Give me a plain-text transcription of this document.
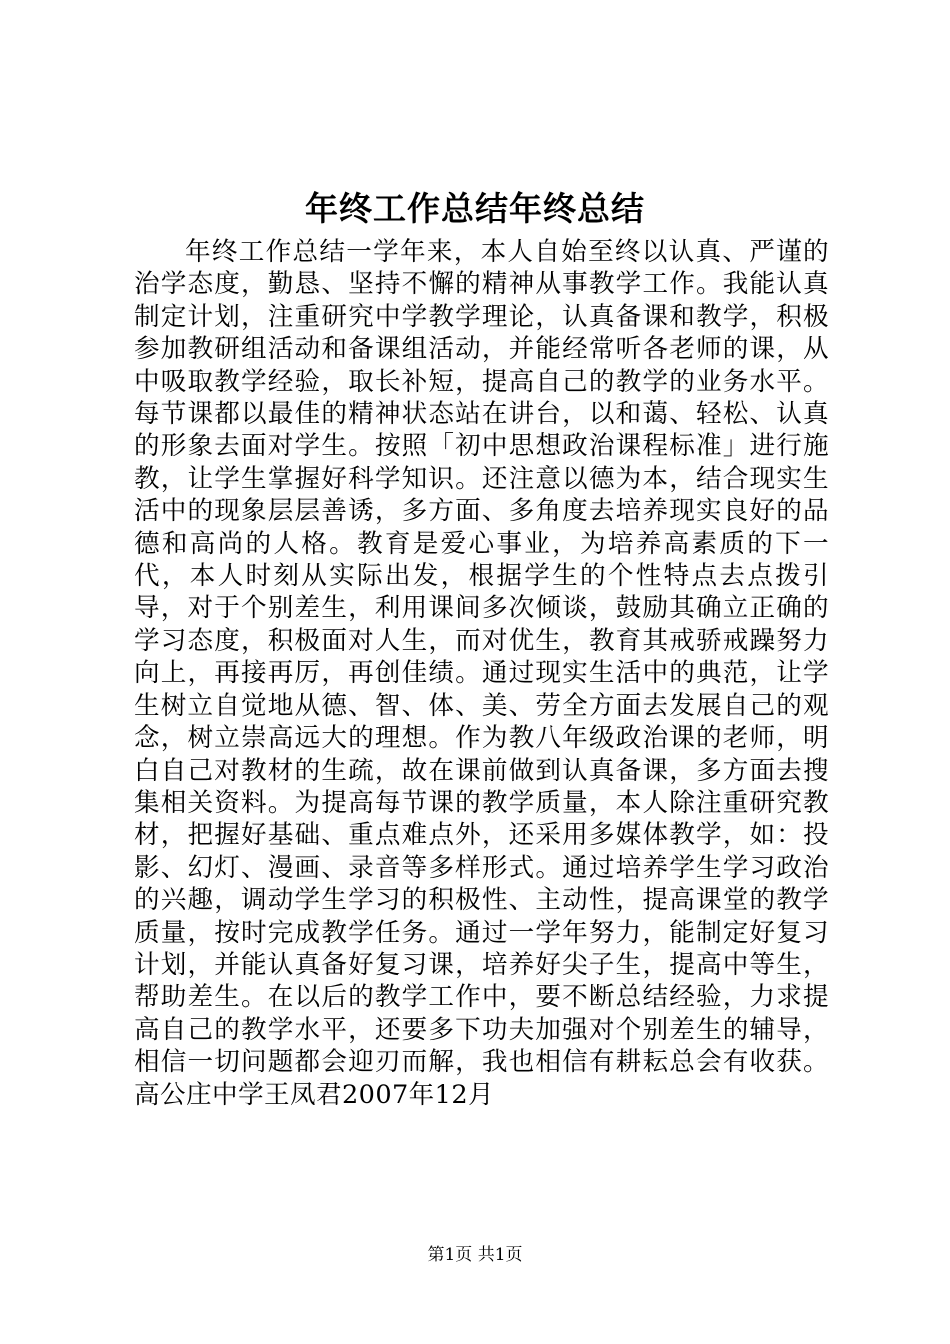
年终工作总结年终总结

年终工作总结一学年来，本人自始至终以认真、严谨的治学态度，勤恳、坚持不懈的精神从事教学工作。我能认真制定计划，注重研究中学教学理论，认真备课和教学，积极参加教研组活动和备课组活动，并能经常听各老师的课，从中吸取教学经验，取长补短，提高自己的教学的业务水平。每节课都以最佳的精神状态站在讲台，以和蔼、轻松、认真的形象去面对学生。按照「初中思想政治课程标准」进行施教，让学生掌握好科学知识。还注意以德为本，结合现实生活中的现象层层善诱，多方面、多角度去培养现实良好的品德和高尚的人格。教育是爱心事业，为培养高素质的下一代，本人时刻从实际出发，根据学生的个性特点去点拨引导，对于个别差生，利用课间多次倾谈，鼓励其确立正确的学习态度，积极面对人生，而对优生，教育其戒骄戒躁努力向上，再接再厉，再创佳绩。通过现实生活中的典范，让学生树立自觉地从德、智、体、美、劳全方面去发展自己的观念，树立崇高远大的理想。作为教八年级政治课的老师，明白自己对教材的生疏，故在课前做到认真备课，多方面去搜集相关资料。为提高每节课的教学质量，本人除注重研究教材，把握好基础、重点难点外，还采用多媒体教学，如：投影、幻灯、漫画、录音等多样形式。通过培养学生学习政治的兴趣，调动学生学习的积极性、主动性，提高课堂的教学质量，按时完成教学任务。通过一学年努力，能制定好复习计划，并能认真备好复习课，培养好尖子生，提高中等生，帮助差生。在以后的教学工作中，要不断总结经验，力求提高自己的教学水平，还要多下功夫加强对个别差生的辅导，相信一切问题都会迎刃而解，我也相信有耕耘总会有收获。高公庄中学王凤君2007年12月

第1页 共1页
